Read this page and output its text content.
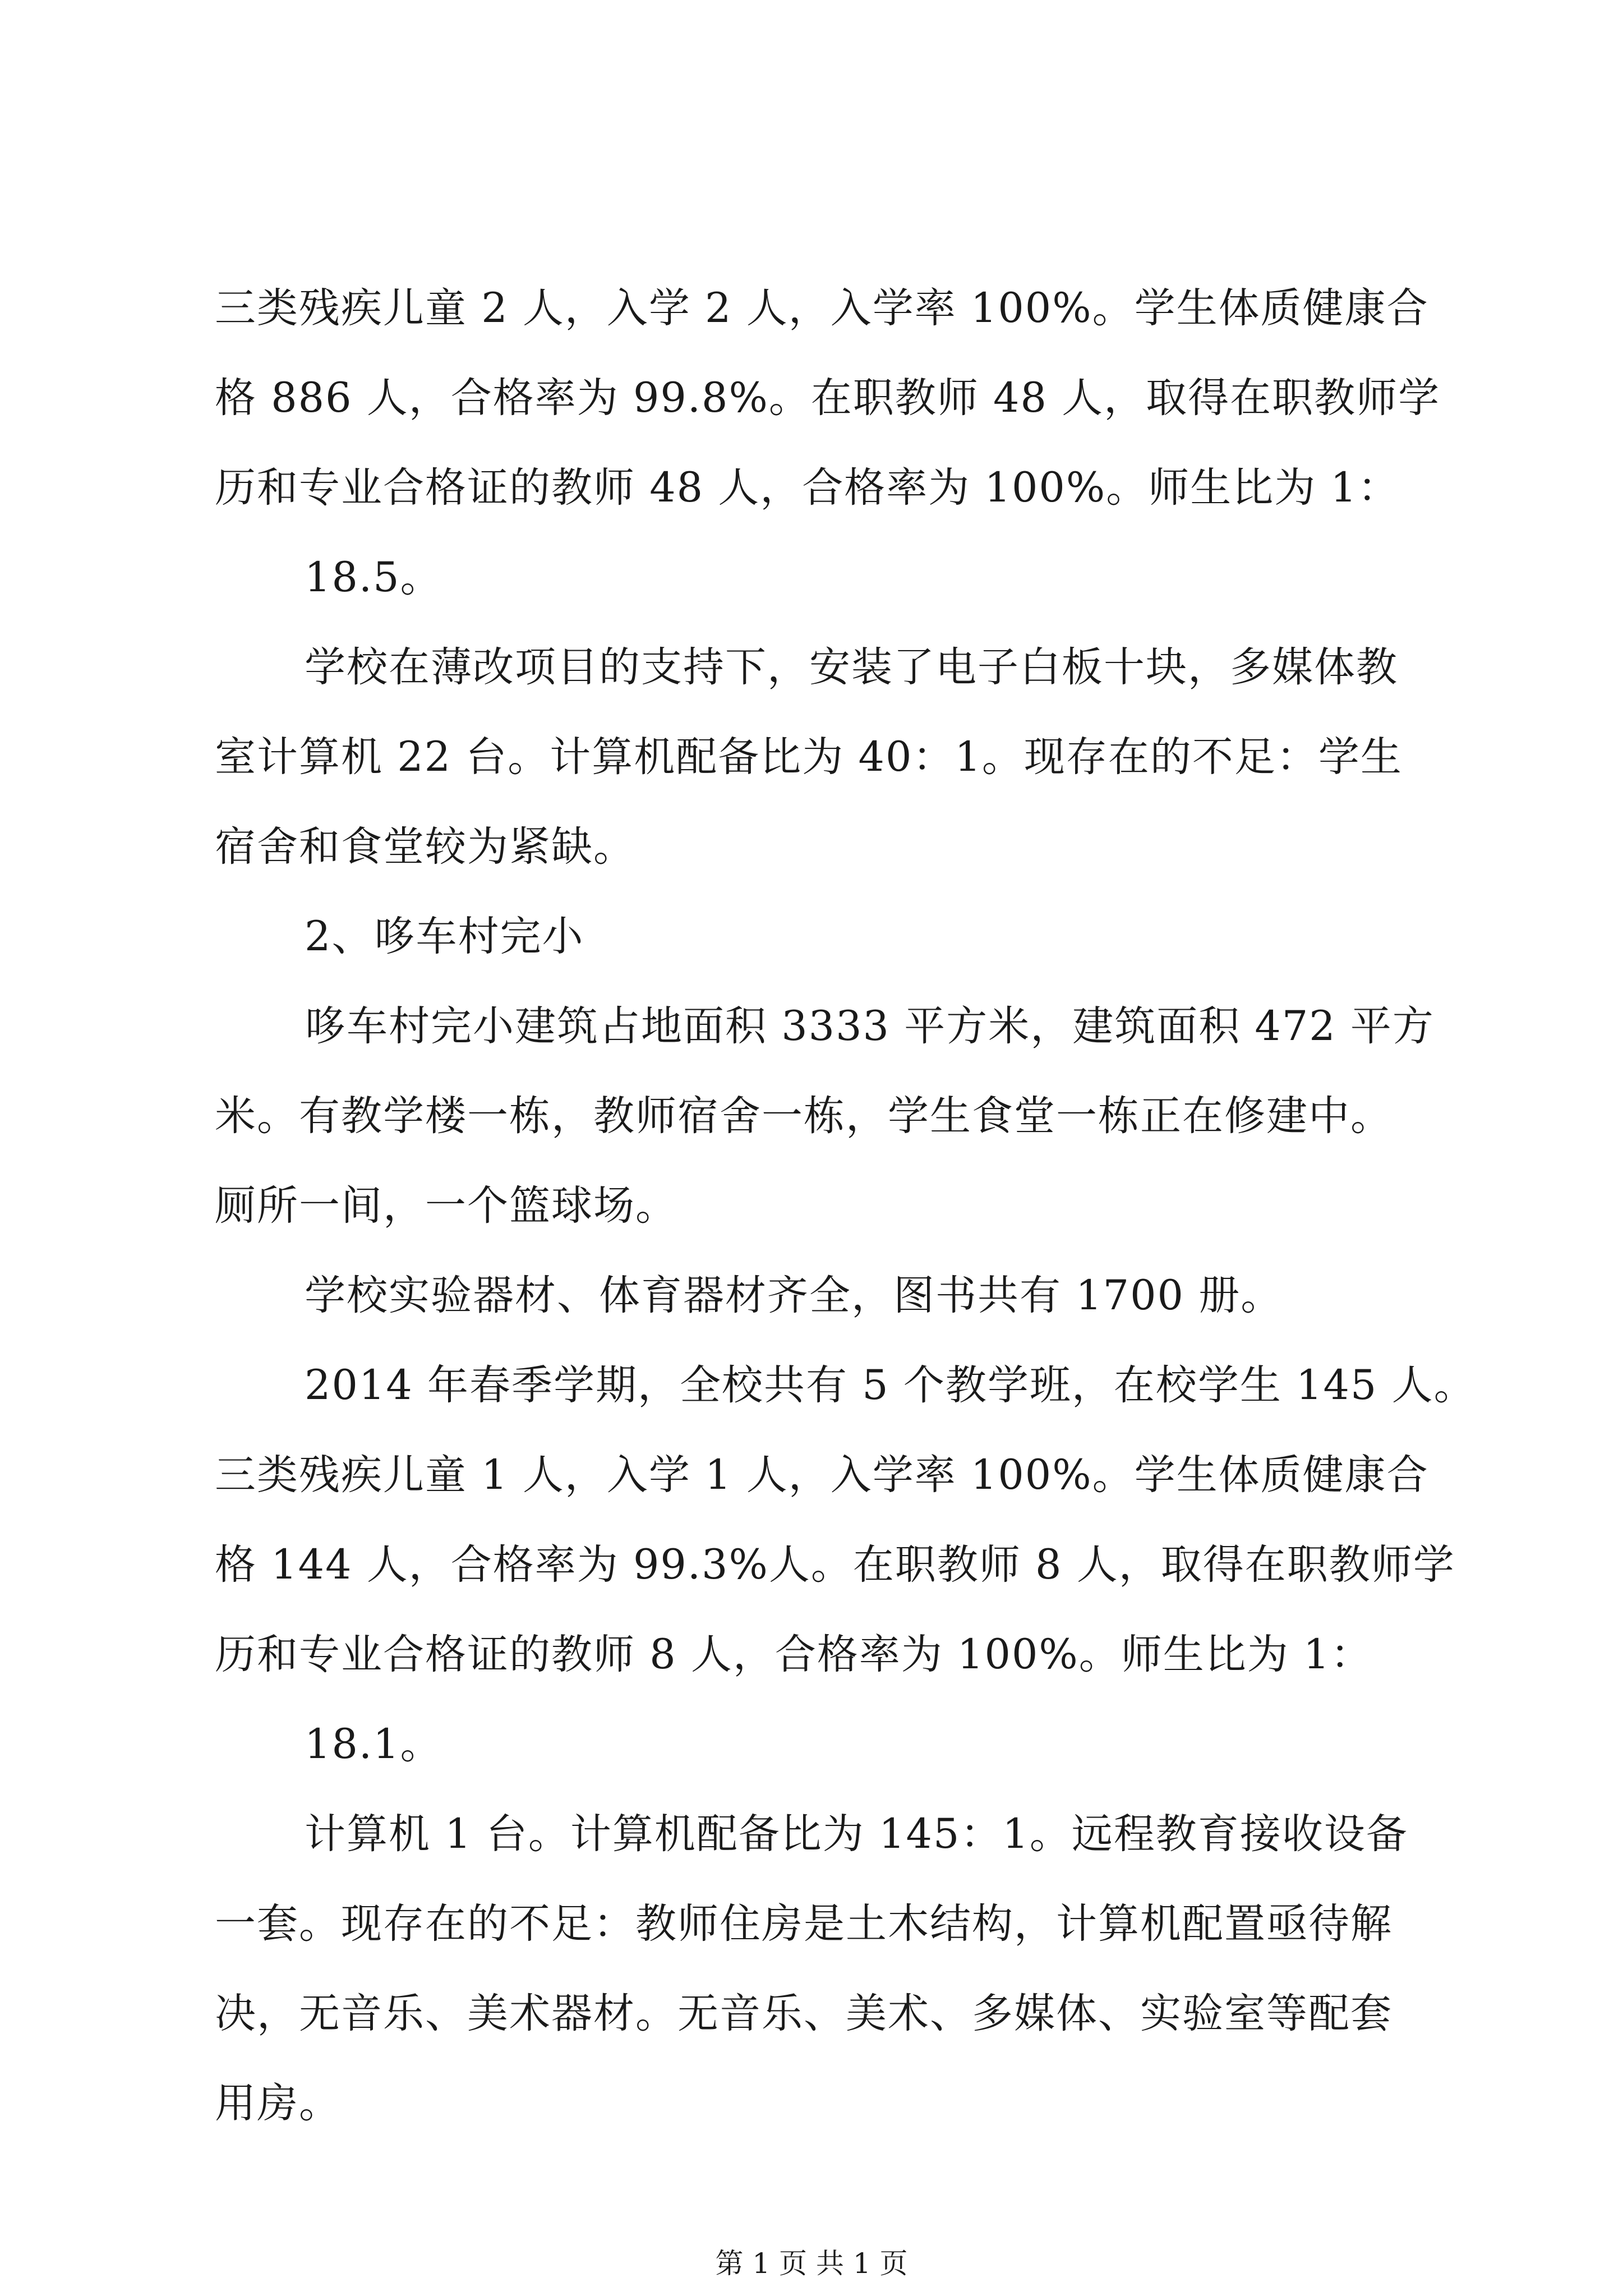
三类残疾儿童 2 人，入学 2 人，入学率 100%。学生体质健康合
格 886 人，合格率为 99.8%。在职教师 48 人，取得在职教师学
历和专业合格证的教师 48 人，合格率为 100%。师生比为 1：
18.5。
学校在薄改项目的支持下，安装了电子白板十块，多媒体教
室计算机 22 台。计算机配备比为 40：1。现存在的不足：学生
宿舍和食堂较为紧缺。
2、哆车村完小
哆车村完小建筑占地面积 3333 平方米，建筑面积 472 平方
米。有教学楼一栋，教师宿舍一栋，学生食堂一栋正在修建中。
厕所一间，一个篮球场。
学校实验器材、体育器材齐全，图书共有 1700 册。
2014 年春季学期，全校共有 5 个教学班，在校学生 145 人。
三类残疾儿童 1 人，入学 1 人，入学率 100%。学生体质健康合
格 144 人，合格率为 99.3%人。在职教师 8 人，取得在职教师学
历和专业合格证的教师 8 人，合格率为 100%。师生比为 1：
18.1。
计算机 1 台。计算机配备比为 145：1。远程教育接收设备
一套。现存在的不足：教师住房是土木结构，计算机配置亟待解
决，无音乐、美术器材。无音乐、美术、多媒体、实验室等配套
用房。
第 1 页 共 1 页
